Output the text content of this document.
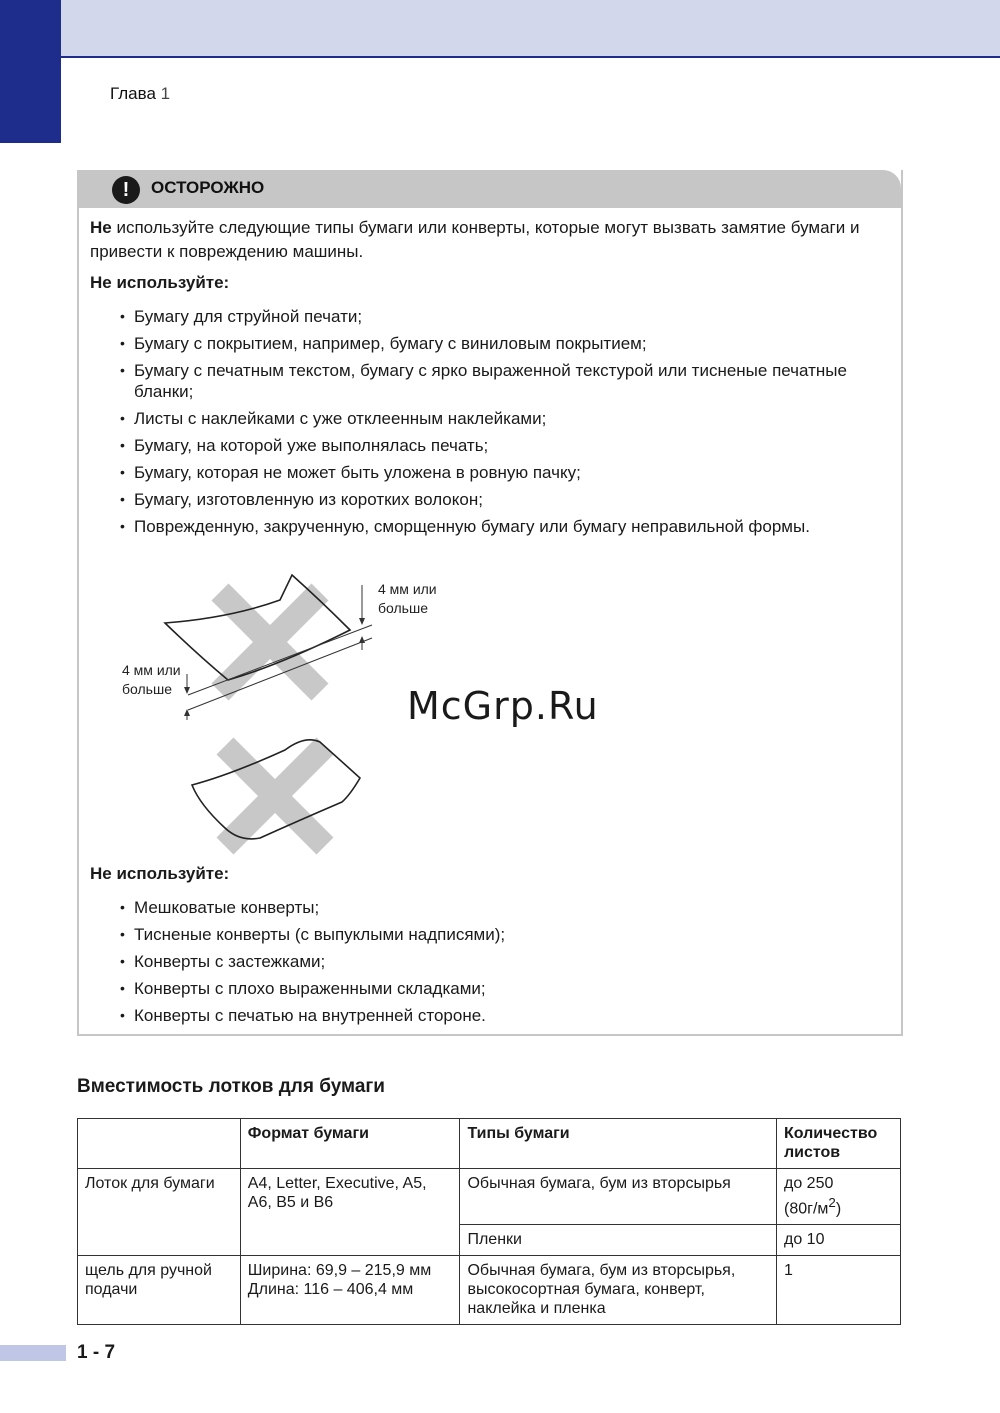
Глава 1
!	ОСТОРОЖНО
Не используйте следующие типы бумаги или конверты, которые могут вызвать замятие бумаги и привести к повреждению машины.
Не используйте:
• Бумагу для струйной печати;
• Бумагу с покрытием, например, бумагу с виниловым покрытием;
• Бумагу с печатным текстом, бумагу с ярко выраженной текстурой или тисненые печатные бланки;
• Листы с наклейками с уже отклеенным наклейками;
• Бумагу, на которой уже выполнялась печать;
• Бумагу, которая не может быть уложена в ровную пачку;
• Бумагу, изготовленную из коротких волокон;
• Поврежденную, закрученную, сморщенную бумагу или бумагу неправильной формы.
4 мм или
больше
4 мм или
больше	McGrp.Ru
Не используйте:
• Мешковатые конверты;
• Тисненые конверты (с выпуклыми надписями);
• Конверты с застежками;
• Конверты с плохо выраженными складками;
• Конверты с печатью на внутренней стороне.
Вместимость лотков для бумаги
	Формат бумаги	Типы бумаги	Количество листов
Лоток для бумаги	A4, Letter, Executive, A5, A6, B5 и B6	Обычная бумага, бум из вторсырья	до 250
$(80г/м^2)$

		Пленки	до 10
щель для ручной подачи	Ширина: 69,9 – 215,9 мм
Длина: 116 – 406,4 мм	Обычная бумага, бум из вторсырья, высокосортная бумага, конверт, наклейка и пленка	1
1 - 7
